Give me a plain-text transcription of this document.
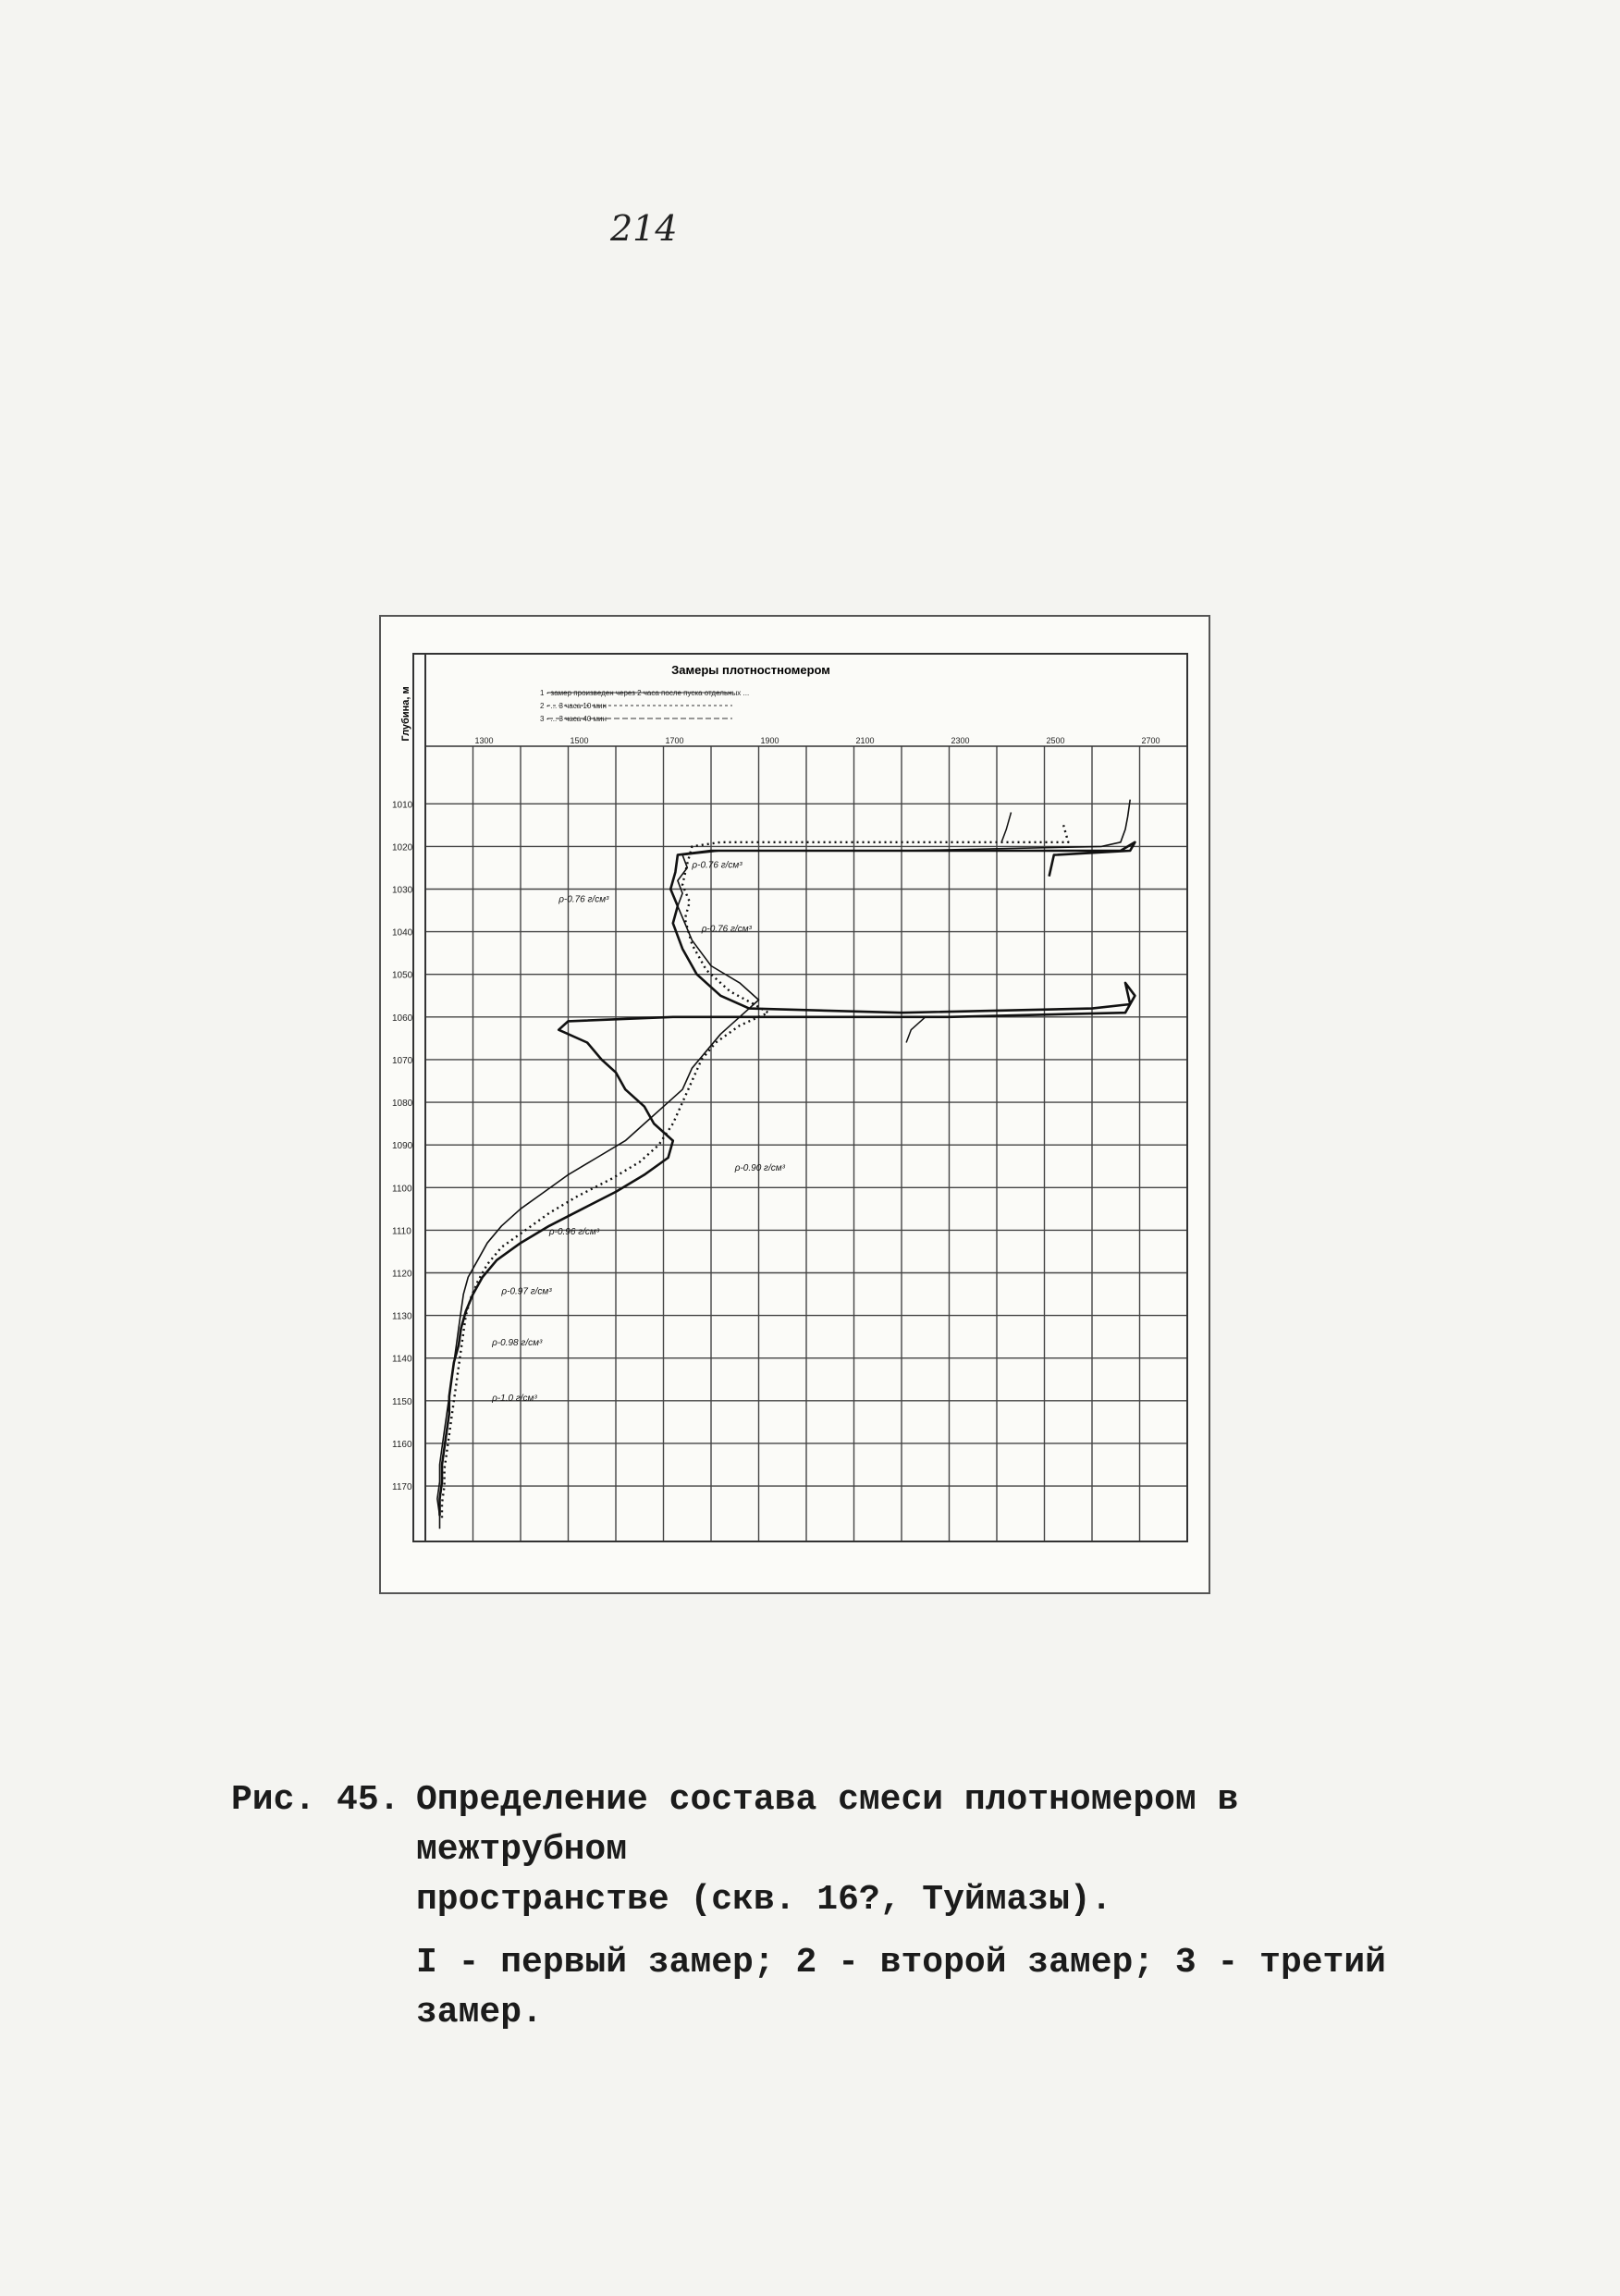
214
1300	1500	1700	1900	2100	2300	2500	2700
1010
1020
1030
1040
1050
1060
1070
1080
1090
1100
1110
1120
1130
1140
1150
1160
1170
ρ-0.76 г/см³
ρ-0.76 г/см³
ρ-0.76 г/см³
ρ-0.90 г/см³
ρ-0.96 г/см³
ρ-0.97 г/см³
ρ-0.98 г/см³
ρ-1.0 г/см³
Замеры плотностномером
Глубина, м	1 - замер произведен через 2 часа после пуска отдельных ...
2 - ... 3 часа 10 мин
3 - ... 3 часа 40 мин
Рис. 45. Определение состава смеси плотномером в межтрубном
пространстве (скв. 16?, Туймазы).
I - первый замер; 2 - второй замер; 3 - третий замер.
